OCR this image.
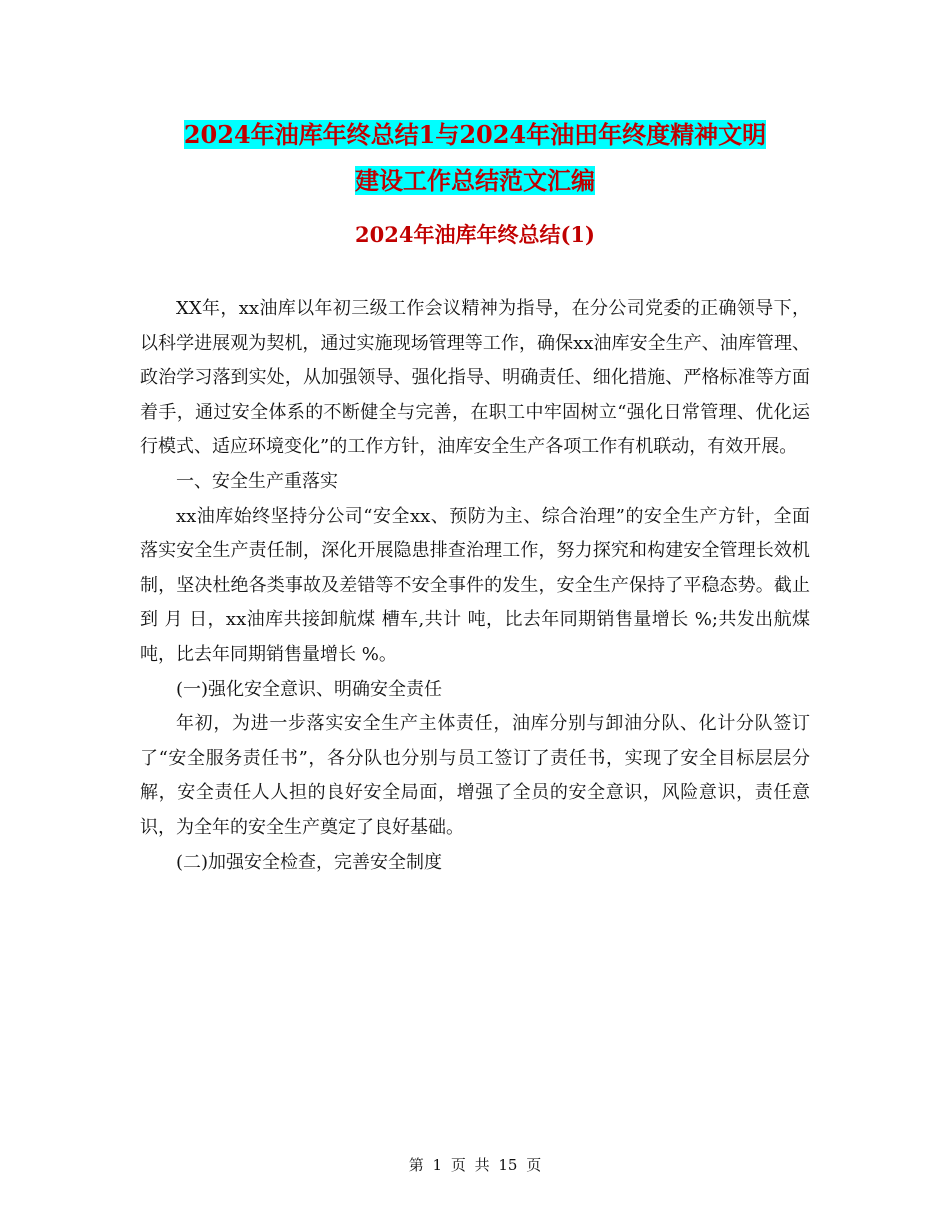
2024年油库年终总结1与2024年油田年终度精神文明
建设工作总结范文汇编
2024年油库年终总结(1)

XX年，xx油库以年初三级工作会议精神为指导，在分公司党委的正确领导下，以科学进展观为契机，通过实施现场管理等工作，确保xx油库安全生产、油库管理、政治学习落到实处，从加强领导、强化指导、明确责任、细化措施、严格标准等方面着手，通过安全体系的不断健全与完善，在职工中牢固树立“强化日常管理、优化运行模式、适应环境变化”的工作方针，油库安全生产各项工作有机联动，有效开展。

一、安全生产重落实

xx油库始终坚持分公司“安全xx、预防为主、综合治理”的安全生产方针，全面落实安全生产责任制，深化开展隐患排查治理工作，努力探究和构建安全管理长效机制，坚决杜绝各类事故及差错等不安全事件的发生，安全生产保持了平稳态势。截止到 月 日，xx油库共接卸航煤 槽车,共计 吨，比去年同期销售量增长 %;共发出航煤吨，比去年同期销售量增长 %。

(一)强化安全意识、明确安全责任

年初，为进一步落实安全生产主体责任，油库分别与卸油分队、化计分队签订了“安全服务责任书”，各分队也分别与员工签订了责任书，实现了安全目标层层分解，安全责任人人担的良好安全局面，增强了全员的安全意识，风险意识，责任意识，为全年的安全生产奠定了良好基础。

(二)加强安全检查，完善安全制度

第 1 页 共 15 页
